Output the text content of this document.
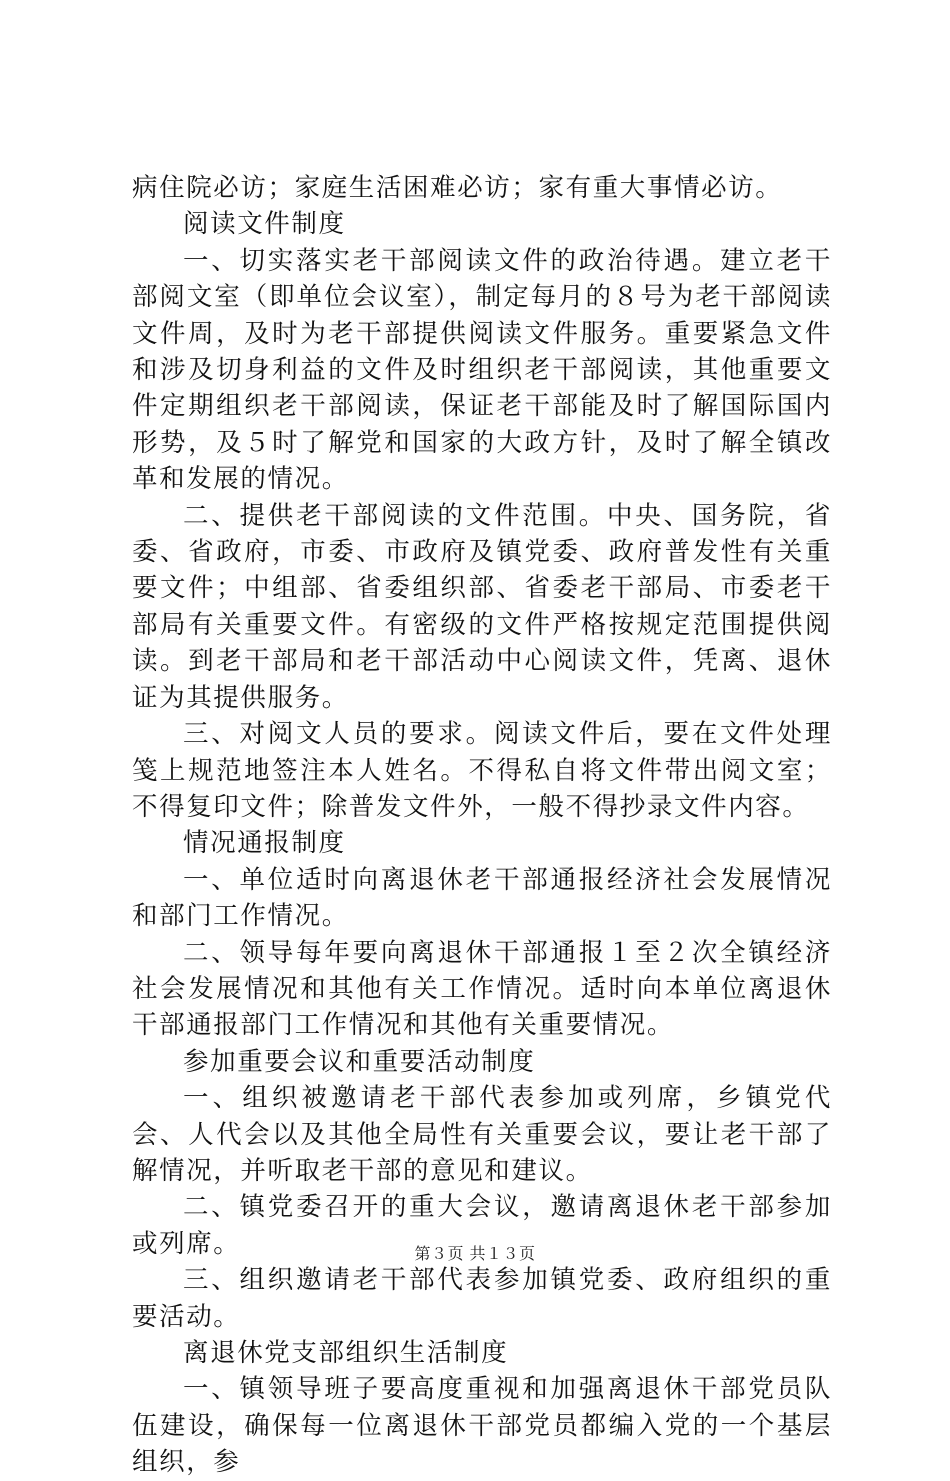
病住院必访；家庭生活困难必访；家有重大事情必访。

阅读文件制度

一、切实落实老干部阅读文件的政治待遇。建立老干部阅文室（即单位会议室），制定每月的８号为老干部阅读文件周，及时为老干部提供阅读文件服务。重要紧急文件和涉及切身利益的文件及时组织老干部阅读，其他重要文件定期组织老干部阅读，保证老干部能及时了解国际国内形势，及５时了解党和国家的大政方针，及时了解全镇改革和发展的情况。

二、提供老干部阅读的文件范围。中央、国务院，省委、省政府，市委、市政府及镇党委、政府普发性有关重要文件；中组部、省委组织部、省委老干部局、市委老干部局有关重要文件。有密级的文件严格按规定范围提供阅读。到老干部局和老干部活动中心阅读文件，凭离、退休证为其提供服务。

三、对阅文人员的要求。阅读文件后，要在文件处理笺上规范地签注本人姓名。不得私自将文件带出阅文室；不得复印文件；除普发文件外，一般不得抄录文件内容。

情况通报制度

一、单位适时向离退休老干部通报经济社会发展情况和部门工作情况。

二、领导每年要向离退休干部通报１至２次全镇经济社会发展情况和其他有关工作情况。适时向本单位离退休干部通报部门工作情况和其他有关重要情况。

参加重要会议和重要活动制度

一、组织被邀请老干部代表参加或列席，乡镇党代会、人代会以及其他全局性有关重要会议，要让老干部了解情况，并听取老干部的意见和建议。

二、镇党委召开的重大会议，邀请离退休老干部参加或列席。

三、组织邀请老干部代表参加镇党委、政府组织的重要活动。

离退休党支部组织生活制度

一、镇领导班子要高度重视和加强离退休干部党员队伍建设，确保每一位离退休干部党员都编入党的一个基层组织，参

第３页 共１３页
